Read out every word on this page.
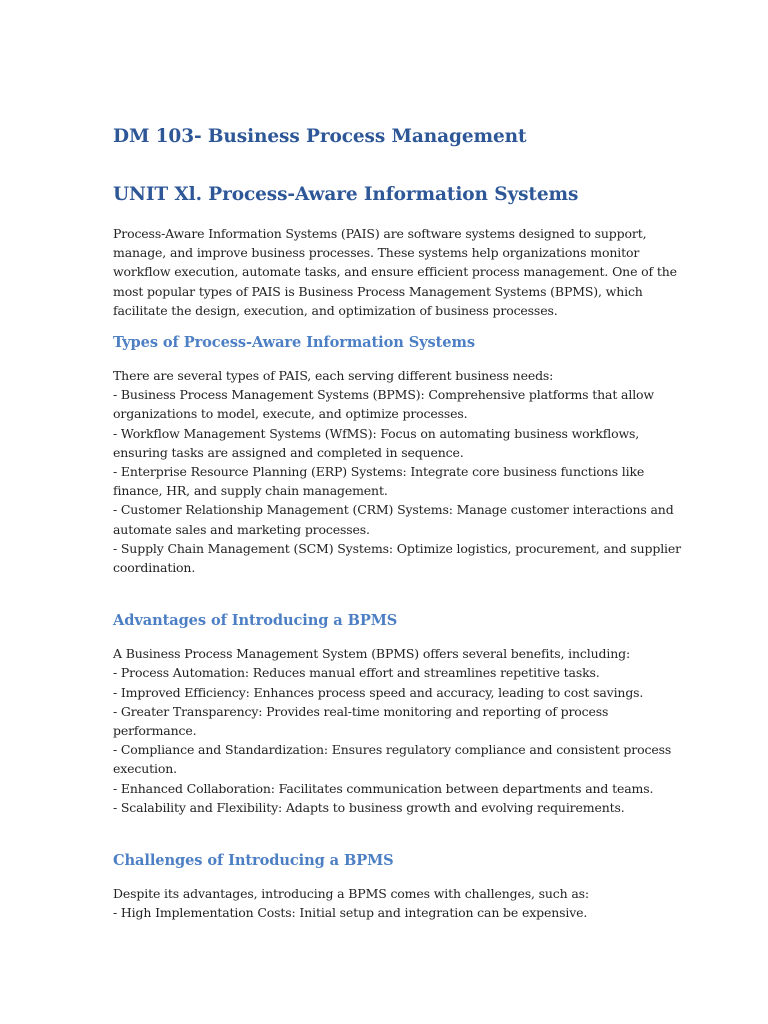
DM 103- Business Process Management
UNIT Xl. Process-Aware Information Systems

Process-Aware Information Systems (PAIS) are software systems designed to support,
manage, and improve business processes. These systems help organizations monitor
workflow execution, automate tasks, and ensure efficient process management. One of the
most popular types of PAIS is Business Process Management Systems (BPMS), which
facilitate the design, execution, and optimization of business processes.

Types of Process-Aware Information Systems

There are several types of PAIS, each serving different business needs:
- Business Process Management Systems (BPMS): Comprehensive platforms that allow
organizations to model, execute, and optimize processes.
- Workflow Management Systems (WfMS): Focus on automating business workflows,
ensuring tasks are assigned and completed in sequence.
- Enterprise Resource Planning (ERP) Systems: Integrate core business functions like
finance, HR, and supply chain management.
- Customer Relationship Management (CRM) Systems: Manage customer interactions and
automate sales and marketing processes.
- Supply Chain Management (SCM) Systems: Optimize logistics, procurement, and supplier
coordination.

Advantages of Introducing a BPMS

A Business Process Management System (BPMS) offers several benefits, including:
- Process Automation: Reduces manual effort and streamlines repetitive tasks.
- Improved Efficiency: Enhances process speed and accuracy, leading to cost savings.
- Greater Transparency: Provides real-time monitoring and reporting of process
performance.
- Compliance and Standardization: Ensures regulatory compliance and consistent process
execution.
- Enhanced Collaboration: Facilitates communication between departments and teams.
- Scalability and Flexibility: Adapts to business growth and evolving requirements.

Challenges of Introducing a BPMS

Despite its advantages, introducing a BPMS comes with challenges, such as:
- High Implementation Costs: Initial setup and integration can be expensive.
